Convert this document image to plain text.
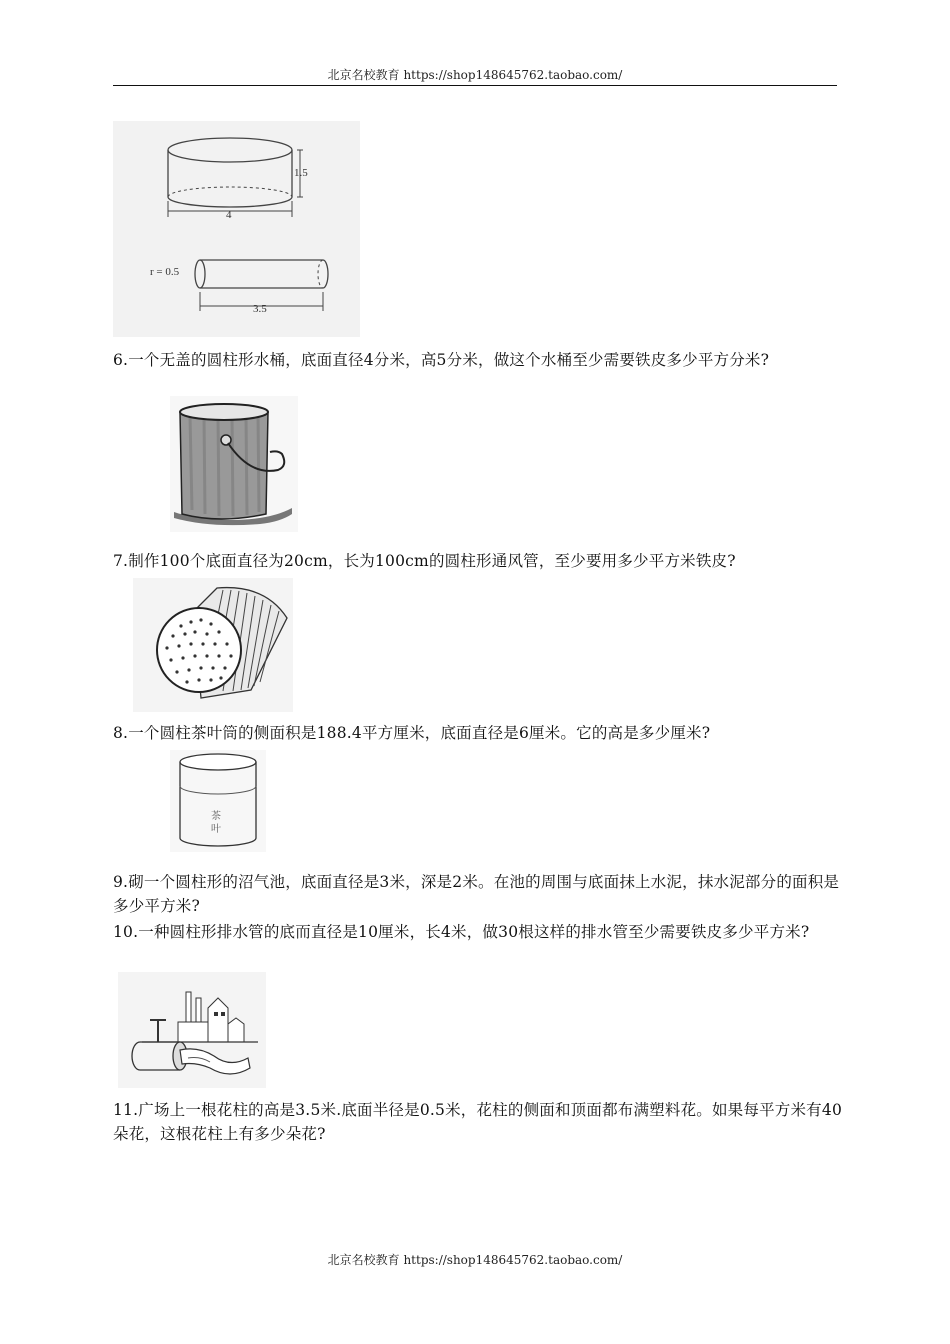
北京名校教育 https://shop148645762.taobao.com/
1.5
4
r = 0.5
3.5
6.一个无盖的圆柱形水桶，底面直径4分米，高5分米，做这个水桶至少需要铁皮多少平方分米?
7.制作100个底面直径为20cm，长为100cm的圆柱形通风管，至少要用多少平方米铁皮?
8.一个圆柱茶叶筒的侧面积是188.4平方厘米，底面直径是6厘米。它的高是多少厘米?
茶
叶
9.砌一个圆柱形的沼气池，底面直径是3米，深是2米。在池的周围与底面抹上水泥，抹水泥部分的面积是多少平方米?
10.一种圆柱形排水管的底而直径是10厘米，长4米，做30根这样的排水管至少需要铁皮多少平方米?
11.广场上一根花柱的高是3.5米.底面半径是0.5米，花柱的侧面和顶面都布满塑料花。如果每平方米有40朵花，这根花柱上有多少朵花?
北京名校教育 https://shop148645762.taobao.com/
